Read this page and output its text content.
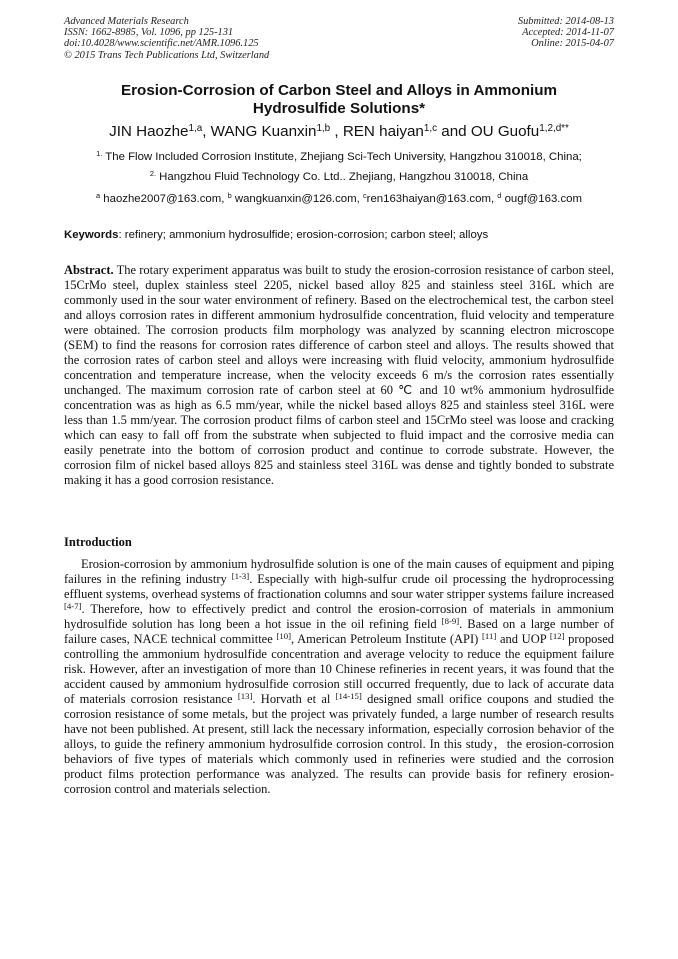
Advanced Materials Research
ISSN: 1662-8985, Vol. 1096, pp 125-131
doi:10.4028/www.scientific.net/AMR.1096.125
© 2015 Trans Tech Publications Ltd, Switzerland
Submitted: 2014-08-13
Accepted: 2014-11-07
Online: 2015-04-07
Erosion-Corrosion of Carbon Steel and Alloys in Ammonium
Hydrosulfide Solutions*
JIN Haozhe$^{1,a}$, WANG Kuanxin$^{1,b}$ , REN haiyan$^{1,c}$ and OU Guofu$^{1,2,d**}$
$^{1.}$ The Flow Included Corrosion Institute, Zhejiang Sci-Tech University, Hangzhou 310018, China;
$^{2.}$ Hangzhou Fluid Technology Co. Ltd.. Zhejiang, Hangzhou 310018, China
$^a$ haozhe2007@163.com, $^b$ wangkuanxin@126.com, $^c$ren163haiyan@163.com, $^d$ ougf@163.com
Keywords: refinery; ammonium hydrosulfide; erosion-corrosion; carbon steel; alloys
Abstract. The rotary experiment apparatus was built to study the erosion-corrosion resistance of carbon steel, 15CrMo steel, duplex stainless steel 2205, nickel based alloy 825 and stainless steel 316L which are commonly used in the sour water environment of refinery. Based on the electrochemical test, the carbon steel and alloys corrosion rates in different ammonium hydrosulfide concentration, fluid velocity and temperature were obtained. The corrosion products film morphology was analyzed by scanning electron microscope (SEM) to find the reasons for corrosion rates difference of carbon steel and alloys. The results showed that the corrosion rates of carbon steel and alloys were increasing with fluid velocity, ammonium hydrosulfide concentration and temperature increase, when the velocity exceeds 6 m/s the corrosion rates essentially unchanged. The maximum corrosion rate of carbon steel at 60 ℃ and 10 wt% ammonium hydrosulfide concentration was as high as 6.5 mm/year, while the nickel based alloys 825 and stainless steel 316L were less than 1.5 mm/year. The corrosion product films of carbon steel and 15CrMo steel was loose and cracking which can easy to fall off from the substrate when subjected to fluid impact and the corrosive media can easily penetrate into the bottom of corrosion product and continue to corrode substrate. However, the corrosion film of nickel based alloys 825 and stainless steel 316L was dense and tightly bonded to substrate making it has a good corrosion resistance.
Introduction
Erosion-corrosion by ammonium hydrosulfide solution is one of the main causes of equipment and piping failures in the refining industry [1-3]. Especially with high-sulfur crude oil processing the hydroprocessing effluent systems, overhead systems of fractionation columns and sour water stripper systems failure increased [4-7]. Therefore, how to effectively predict and control the erosion-corrosion of materials in ammonium hydrosulfide solution has long been a hot issue in the oil refining field [8-9]. Based on a large number of failure cases, NACE technical committee [10], American Petroleum Institute (API) [11] and UOP [12] proposed controlling the ammonium hydrosulfide concentration and average velocity to reduce the equipment failure risk. However, after an investigation of more than 10 Chinese refineries in recent years, it was found that the accident caused by ammonium hydrosulfide corrosion still occurred frequently, due to lack of accurate data of materials corrosion resistance [13]. Horvath et al [14-15] designed small orifice coupons and studied the corrosion resistance of some metals, but the project was privately funded, a large number of research results have not been published. At present, still lack the necessary information, especially corrosion behavior of the alloys, to guide the refinery ammonium hydrosulfide corrosion control. In this study，the erosion-corrosion behaviors of five types of materials which commonly used in refineries were studied and the corrosion product films protection performance was analyzed. The results can provide basis for refinery erosion-corrosion control and materials selection.
